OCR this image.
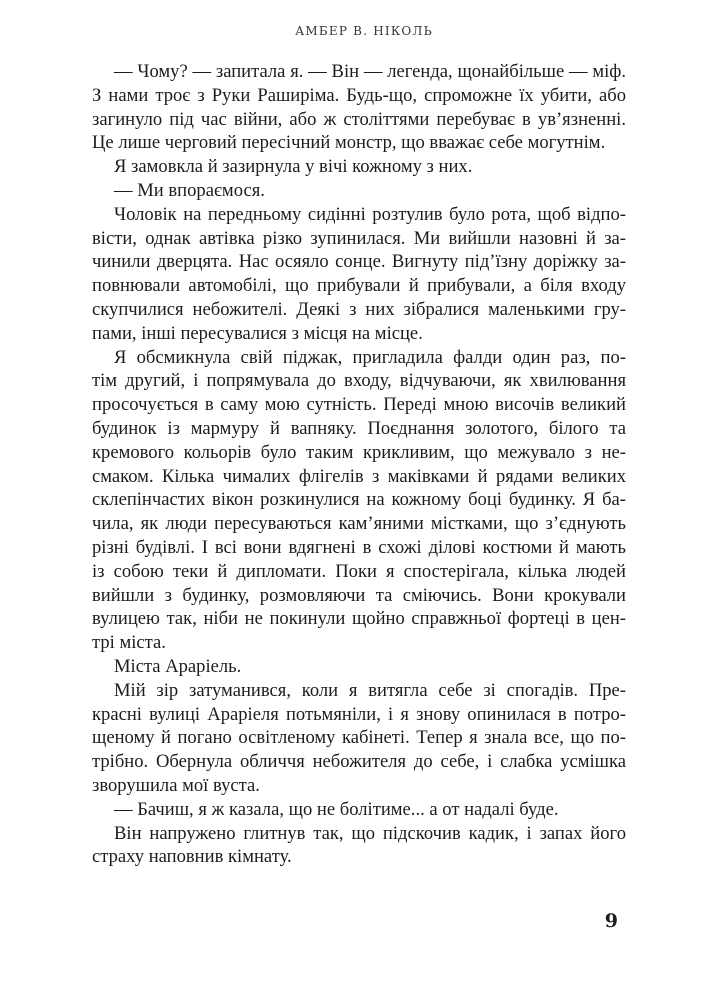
АМБЕР В. НІКОЛЬ
— Чому? — запитала я. — Він — легенда, щонайбільше — міф.
З нами троє з Руки Раширіма. Будь-що, спроможне їх убити, або
загинуло під час війни, або ж століттями перебуває в ув’язненні.
Це лише черговий пересічний монстр, що вважає себе могутнім.
Я замовкла й зазирнула у вічі кожному з них.
— Ми впораємося.
Чоловік на передньому сидінні розтулив було рота, щоб відпо-
вісти, однак автівка різко зупинилася. Ми вийшли назовні й за-
чинили дверцята. Нас осяяло сонце. Вигнуту під’їзну доріжку за-
повнювали автомобілі, що прибували й прибували, а біля входу
скупчилися небожителі. Деякі з них зібралися маленькими гру-
пами, інші пересувалися з місця на місце.
Я обсмикнула свій піджак, пригладила фалди один раз, по-
тім другий, і попрямувала до входу, відчуваючи, як хвилювання
просочується в саму мою сутність. Переді мною височів великий
будинок із мармуру й вапняку. Поєднання золотого, білого та
кремового кольорів було таким крикливим, що межувало з не-
смаком. Кілька чималих флігелів з маківками й рядами великих
склепінчастих вікон розкинулися на кожному боці будинку. Я ба-
чила, як люди пересуваються кам’яними містками, що з’єднують
різні будівлі. І всі вони вдягнені в схожі ділові костюми й мають
із собою теки й дипломати. Поки я спостерігала, кілька людей
вийшли з будинку, розмовляючи та сміючись. Вони крокували
вулицею так, ніби не покинули щойно справжньої фортеці в цен-
трі міста.
Міста Араріель.
Мій зір затуманився, коли я витягла себе зі спогадів. Пре-
красні вулиці Араріеля потьмяніли, і я знову опинилася в потро-
щеному й погано освітленому кабінеті. Тепер я знала все, що по-
трібно. Обернула обличчя небожителя до себе, і слабка усмішка
зворушила мої вуста.
— Бачиш, я ж казала, що не болітиме... а от надалі буде.
Він напружено глитнув так, що підскочив кадик, і запах його
страху наповнив кімнату.
9
